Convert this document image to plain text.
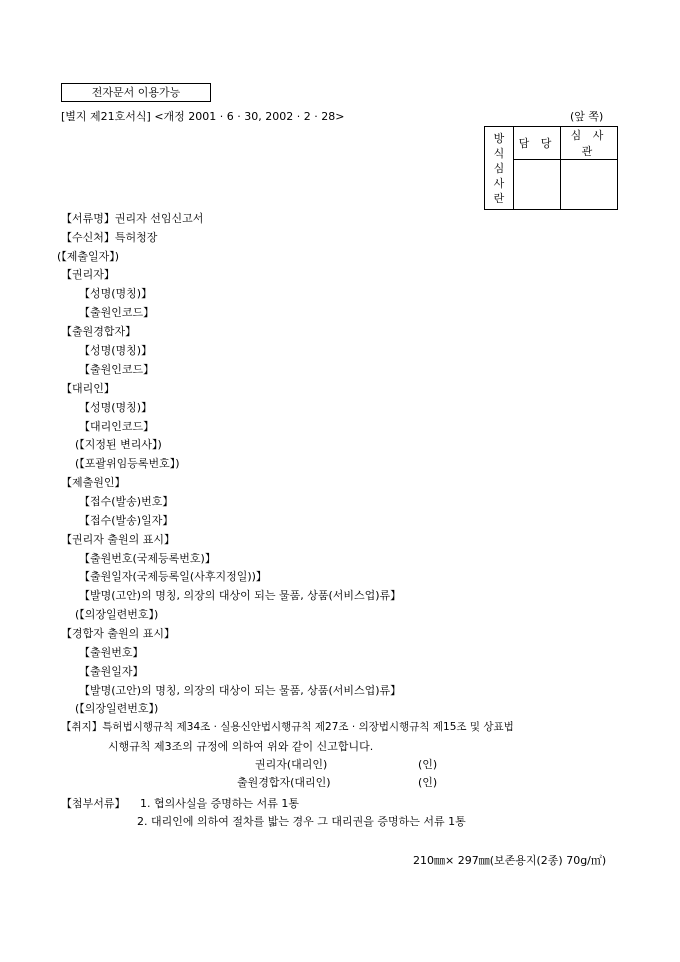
전자문서 이용가능
[별지 제21호서식] <개정 2001 · 6 · 30, 2002 · 2 · 28>	(앞 쪽)
방
식
심
사
란	담 당	심 사 관

【서류명】권리자 선임신고서
【수신처】특허청장
(【제출일자】)
【권리자】
【성명(명칭)】
【출원인코드】
【출원경합자】
【성명(명칭)】
【출원인코드】
【대리인】
【성명(명칭)】
【대리인코드】
(【지정된 변리사】)
(【포괄위임등록번호】)
【제출원인】
【접수(발송)번호】
【접수(발송)일자】
【권리자 출원의 표시】
【출원번호(국제등록번호)】
【출원일자(국제등록일(사후지정일))】
【발명(고안)의 명칭, 의장의 대상이 되는 물품, 상품(서비스업)류】
(【의장일련번호】)
【경합자 출원의 표시】
【출원번호】
【출원일자】
【발명(고안)의 명칭, 의장의 대상이 되는 물품, 상품(서비스업)류】
(【의장일련번호】)
【취지】특허법시행규칙 제34조 · 실용신안법시행규칙 제27조 · 의장법시행규칙 제15조 및 상표법
시행규칙 제3조의 규정에 의하여 위와 같이 신고합니다.
권리자(대리인)	(인)
출원경합자(대리인)	(인)
【첨부서류】 1. 협의사실을 증명하는 서류 1통
2. 대리인에 의하여 절차를 밟는 경우 그 대리권을 증명하는 서류 1통
210㎜× 297㎜(보존용지(2종) 70g/㎡)
